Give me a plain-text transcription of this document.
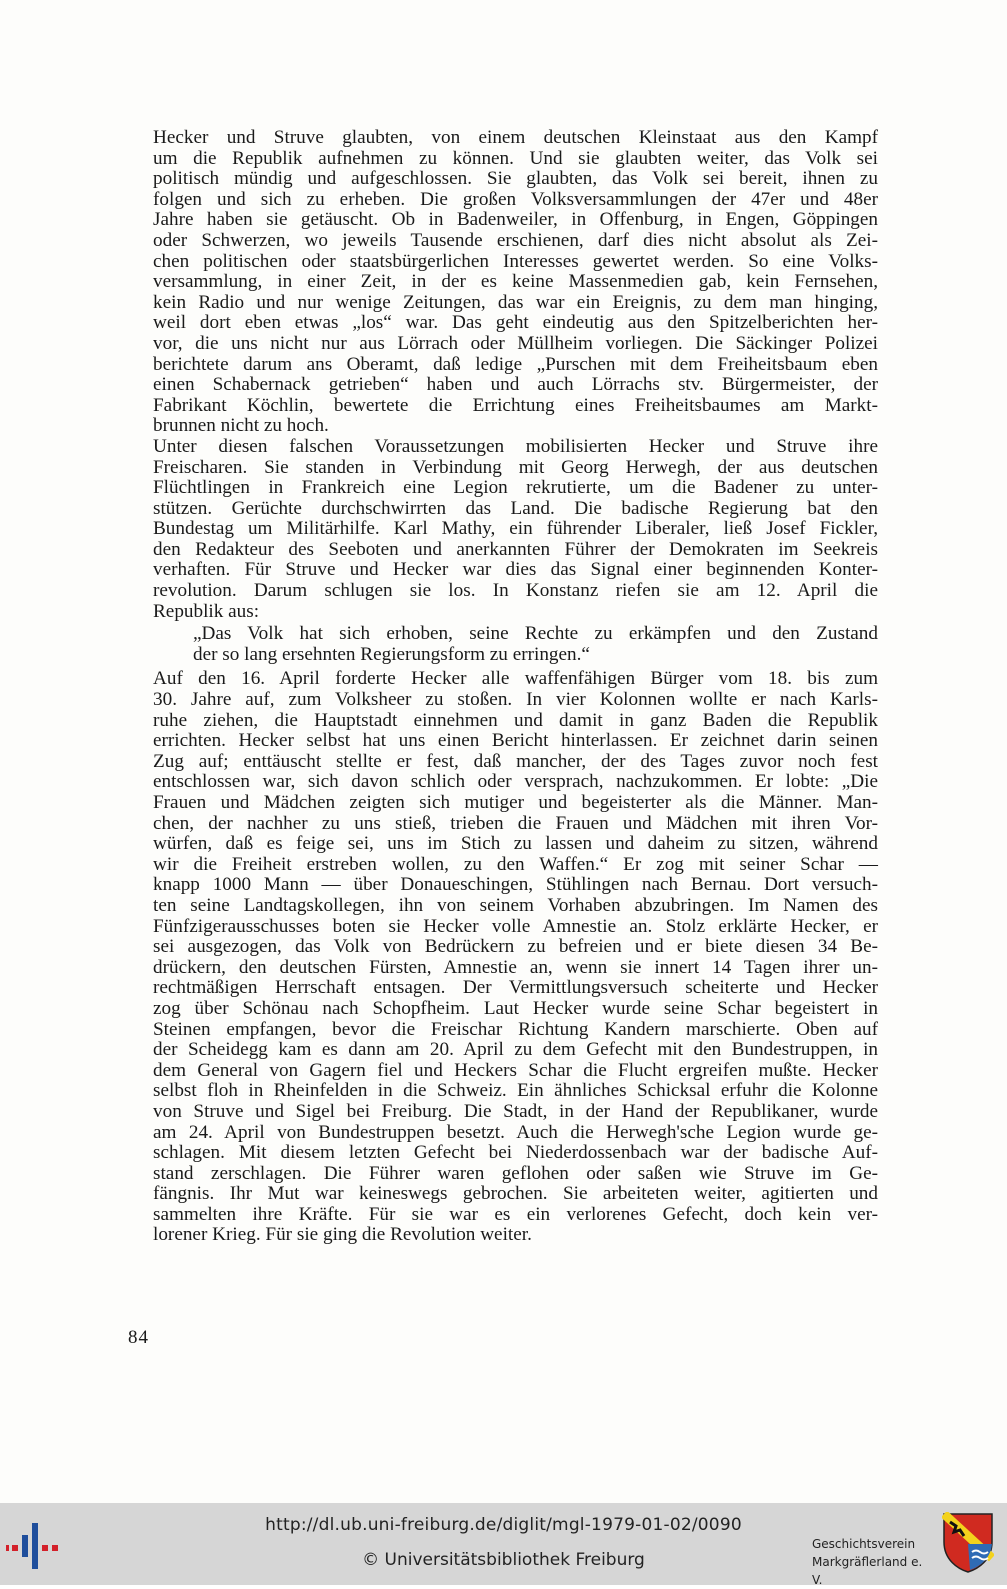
Hecker und Struve glaubten, von einem deutschen Kleinstaat aus den Kampf
um die Republik aufnehmen zu können. Und sie glaubten weiter, das Volk sei
politisch mündig und aufgeschlossen. Sie glaubten, das Volk sei bereit, ihnen zu
folgen und sich zu erheben. Die großen Volksversammlungen der 47er und 48er
Jahre haben sie getäuscht. Ob in Badenweiler, in Offenburg, in Engen, Göppingen
oder Schwerzen, wo jeweils Tausende erschienen, darf dies nicht absolut als Zei-
chen politischen oder staatsbürgerlichen Interesses gewertet werden. So eine Volks-
versammlung, in einer Zeit, in der es keine Massenmedien gab, kein Fernsehen,
kein Radio und nur wenige Zeitungen, das war ein Ereignis, zu dem man hinging,
weil dort eben etwas „los“ war. Das geht eindeutig aus den Spitzelberichten her-
vor, die uns nicht nur aus Lörrach oder Müllheim vorliegen. Die Säckinger Polizei
berichtete darum ans Oberamt, daß ledige „Purschen mit dem Freiheitsbaum eben
einen Schabernack getrieben“ haben und auch Lörrachs stv. Bürgermeister, der
Fabrikant Köchlin, bewertete die Errichtung eines Freiheitsbaumes am Markt-
brunnen nicht zu hoch.

Unter diesen falschen Voraussetzungen mobilisierten Hecker und Struve ihre
Freischaren. Sie standen in Verbindung mit Georg Herwegh, der aus deutschen
Flüchtlingen in Frankreich eine Legion rekrutierte, um die Badener zu unter-
stützen. Gerüchte durchschwirrten das Land. Die badische Regierung bat den
Bundestag um Militärhilfe. Karl Mathy, ein führender Liberaler, ließ Josef Fickler,
den Redakteur des Seeboten und anerkannten Führer der Demokraten im Seekreis
verhaften. Für Struve und Hecker war dies das Signal einer beginnenden Konter-
revolution. Darum schlugen sie los. In Konstanz riefen sie am 12. April die
Republik aus:

„Das Volk hat sich erhoben, seine Rechte zu erkämpfen und den Zustand
der so lang ersehnten Regierungsform zu erringen.“

Auf den 16. April forderte Hecker alle waffenfähigen Bürger vom 18. bis zum
30. Jahre auf, zum Volksheer zu stoßen. In vier Kolonnen wollte er nach Karls-
ruhe ziehen, die Hauptstadt einnehmen und damit in ganz Baden die Republik
errichten. Hecker selbst hat uns einen Bericht hinterlassen. Er zeichnet darin seinen
Zug auf; enttäuscht stellte er fest, daß mancher, der des Tages zuvor noch fest
entschlossen war, sich davon schlich oder versprach, nachzukommen. Er lobte: „Die
Frauen und Mädchen zeigten sich mutiger und begeisterter als die Männer. Man-
chen, der nachher zu uns stieß, trieben die Frauen und Mädchen mit ihren Vor-
würfen, daß es feige sei, uns im Stich zu lassen und daheim zu sitzen, während
wir die Freiheit erstreben wollen, zu den Waffen.“ Er zog mit seiner Schar —
knapp 1000 Mann — über Donaueschingen, Stühlingen nach Bernau. Dort versuch-
ten seine Landtagskollegen, ihn von seinem Vorhaben abzubringen. Im Namen des
Fünfzigerausschusses boten sie Hecker volle Amnestie an. Stolz erklärte Hecker, er
sei ausgezogen, das Volk von Bedrückern zu befreien und er biete diesen 34 Be-
drückern, den deutschen Fürsten, Amnestie an, wenn sie innert 14 Tagen ihrer un-
rechtmäßigen Herrschaft entsagen. Der Vermittlungsversuch scheiterte und Hecker
zog über Schönau nach Schopfheim. Laut Hecker wurde seine Schar begeistert in
Steinen empfangen, bevor die Freischar Richtung Kandern marschierte. Oben auf
der Scheidegg kam es dann am 20. April zu dem Gefecht mit den Bundestruppen, in
dem General von Gagern fiel und Heckers Schar die Flucht ergreifen mußte. Hecker
selbst floh in Rheinfelden in die Schweiz. Ein ähnliches Schicksal erfuhr die Kolonne
von Struve und Sigel bei Freiburg. Die Stadt, in der Hand der Republikaner, wurde
am 24. April von Bundestruppen besetzt. Auch die Herwegh'sche Legion wurde ge-
schlagen. Mit diesem letzten Gefecht bei Niederdossenbach war der badische Auf-
stand zerschlagen. Die Führer waren geflohen oder saßen wie Struve im Ge-
fängnis. Ihr Mut war keineswegs gebrochen. Sie arbeiteten weiter, agitierten und
sammelten ihre Kräfte. Für sie war es ein verlorenes Gefecht, doch kein ver-
lorener Krieg. Für sie ging die Revolution weiter.

84
http://dl.ub.uni-freiburg.de/diglit/mgl-1979-01-02/0090
© Universitätsbibliothek Freiburg
Geschichtsverein
Markgräflerland e. V.
